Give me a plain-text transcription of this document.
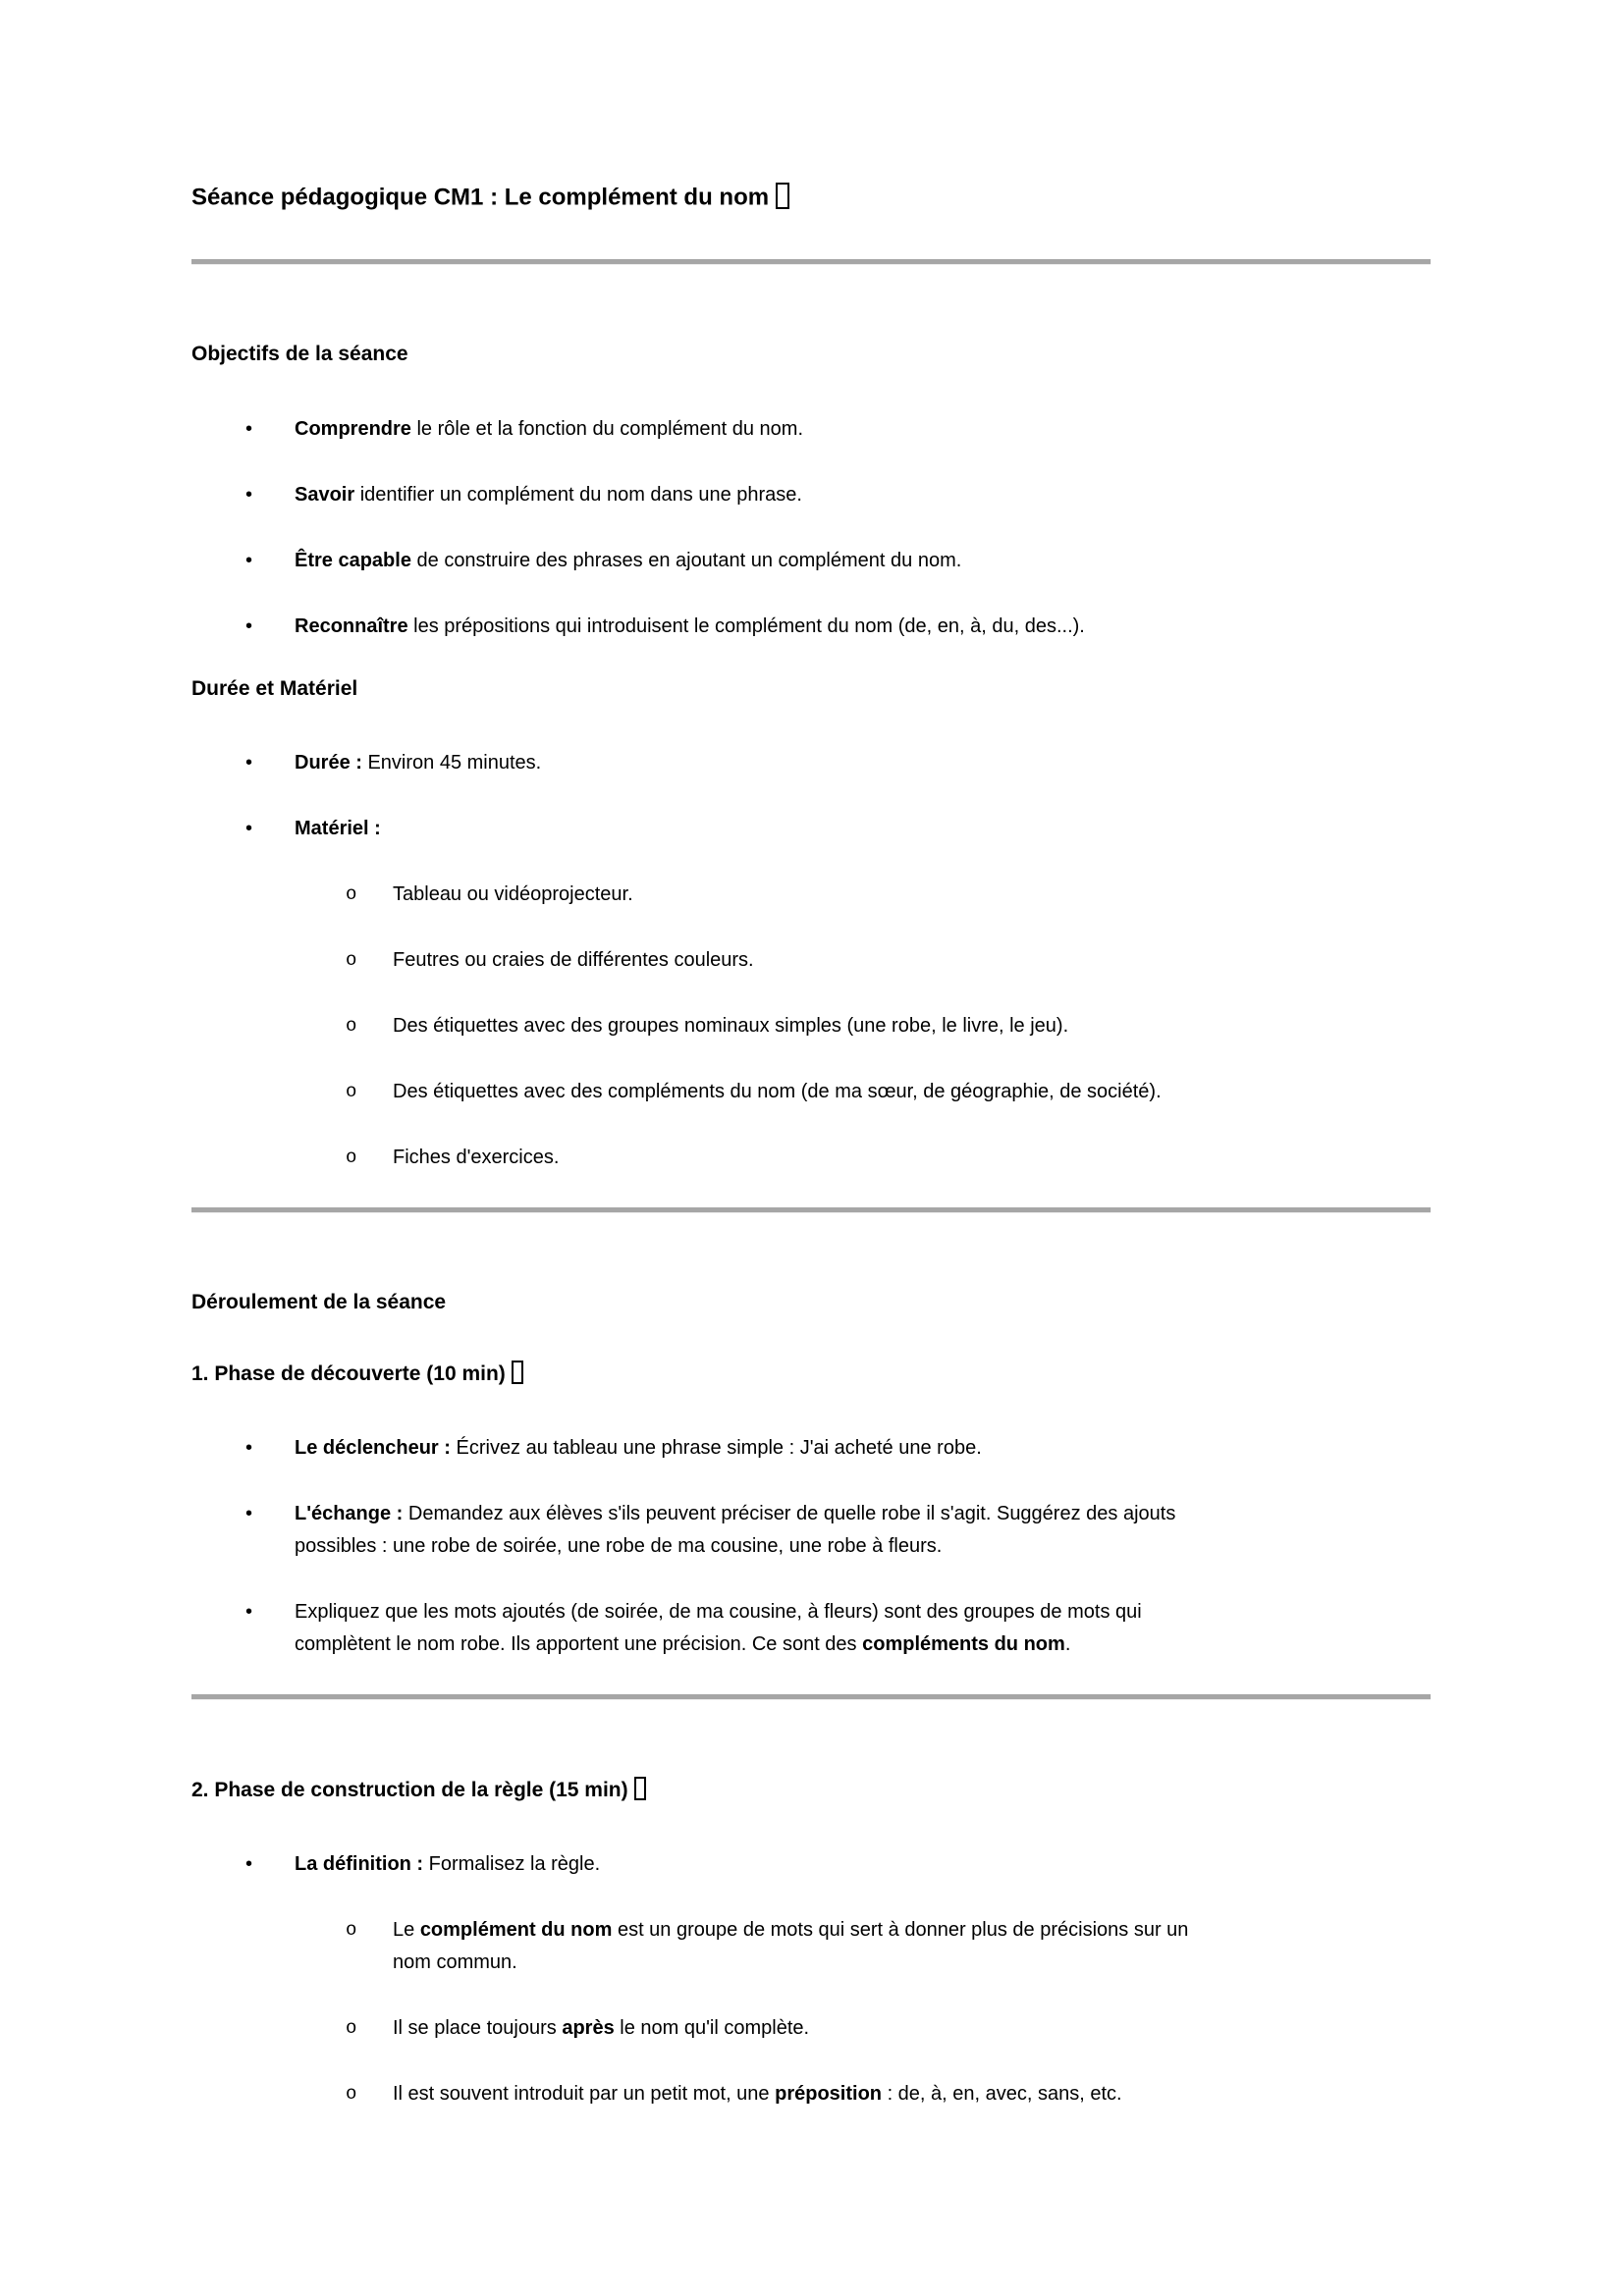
Séance pédagogique CM1 : Le complément du nom
Objectifs de la séance
• Comprendre le rôle et la fonction du complément du nom.
• Savoir identifier un complément du nom dans une phrase.
• Être capable de construire des phrases en ajoutant un complément du nom.
• Reconnaître les prépositions qui introduisent le complément du nom (de, en, à, du, des...).
Durée et Matériel
• Durée : Environ 45 minutes.
• Matériel :
o Tableau ou vidéoprojecteur.
o Feutres ou craies de différentes couleurs.
o Des étiquettes avec des groupes nominaux simples (une robe, le livre, le jeu).
o Des étiquettes avec des compléments du nom (de ma sœur, de géographie, de société).
o Fiches d'exercices.
Déroulement de la séance
1. Phase de découverte (10 min)
• Le déclencheur : Écrivez au tableau une phrase simple : J'ai acheté une robe.
• L'échange : Demandez aux élèves s'ils peuvent préciser de quelle robe il s'agit. Suggérez des ajouts
possibles : une robe de soirée, une robe de ma cousine, une robe à fleurs.
• Expliquez que les mots ajoutés (de soirée, de ma cousine, à fleurs) sont des groupes de mots qui
complètent le nom robe. Ils apportent une précision. Ce sont des compléments du nom.
2. Phase de construction de la règle (15 min)
• La définition : Formalisez la règle.
o Le complément du nom est un groupe de mots qui sert à donner plus de précisions sur un
nom commun.
o Il se place toujours après le nom qu'il complète.
o Il est souvent introduit par un petit mot, une préposition : de, à, en, avec, sans, etc.
